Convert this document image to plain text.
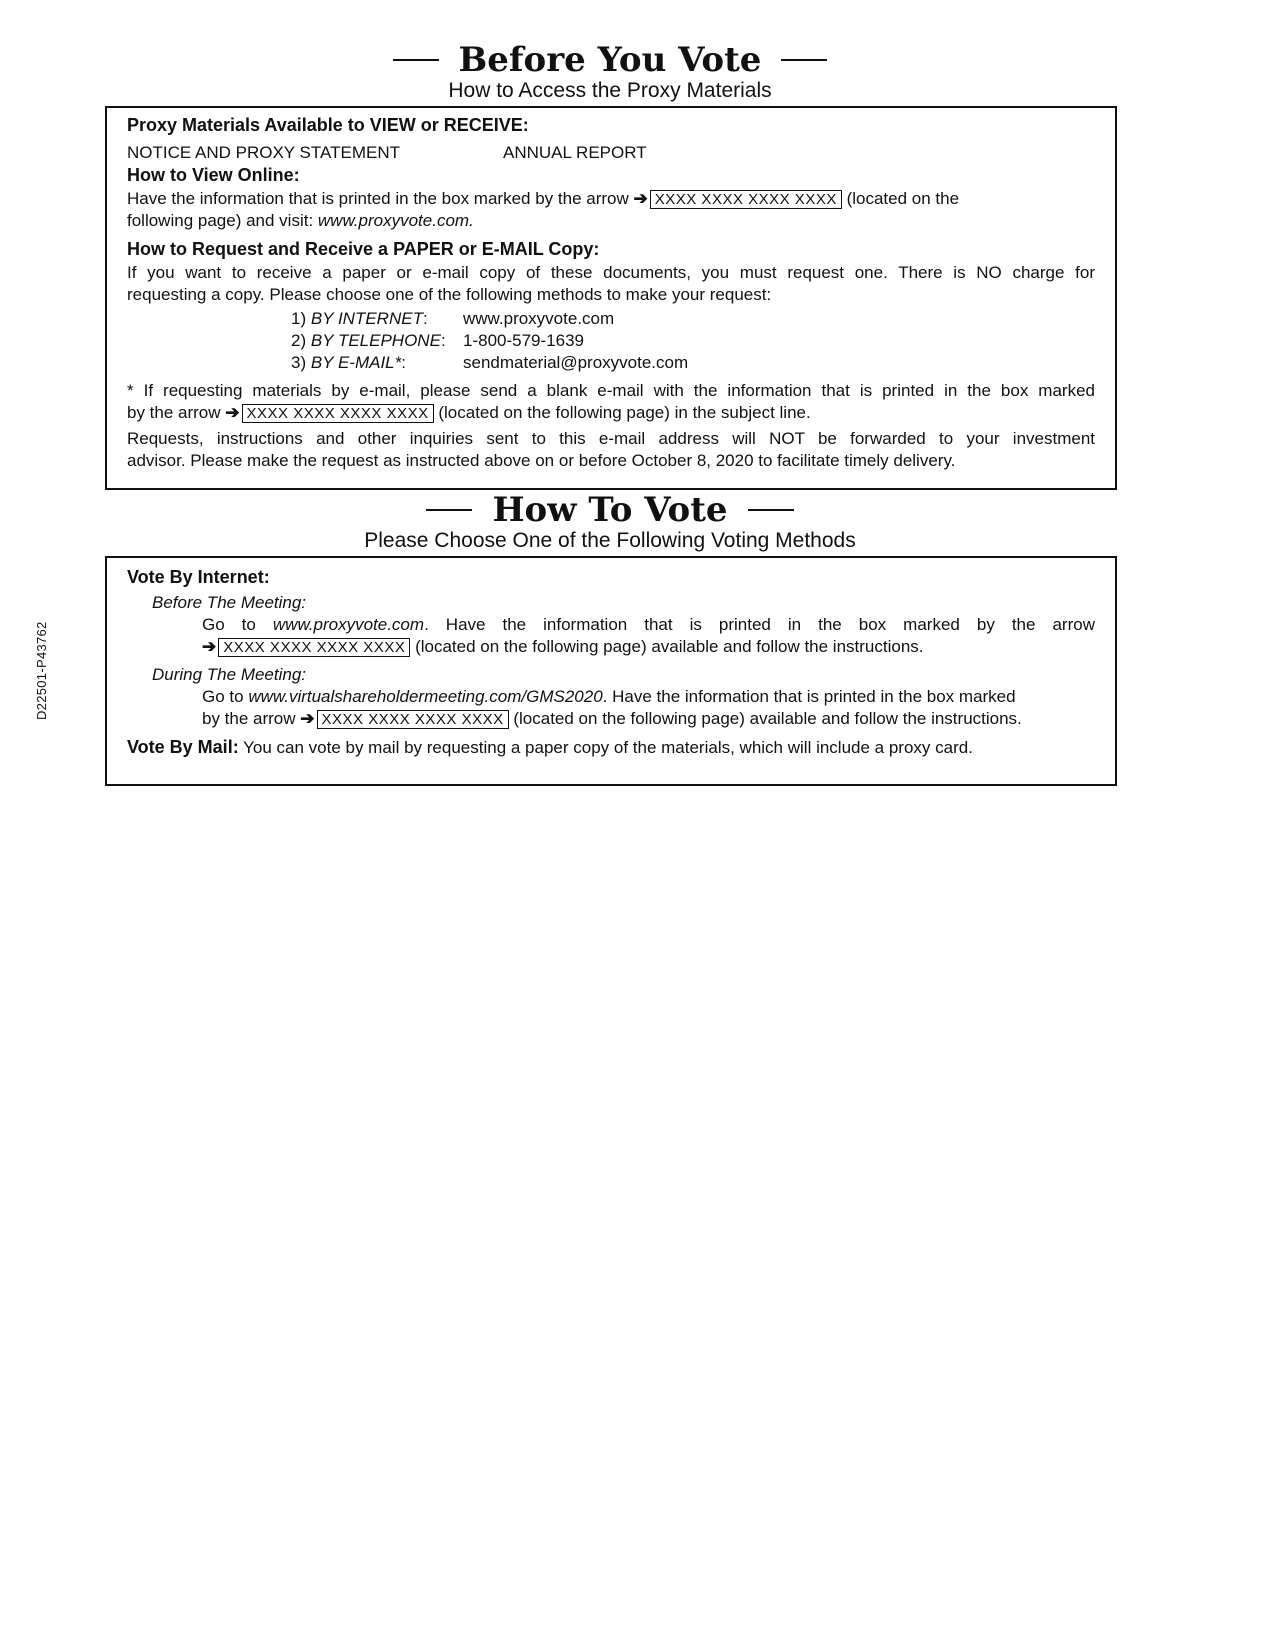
D22501-P43762
Before You Vote
How to Access the Proxy Materials
Proxy Materials Available to VIEW or RECEIVE:
NOTICE AND PROXY STATEMENT	ANNUAL REPORT
How to View Online:
Have the information that is printed in the box marked by the arrow ➔ XXXX XXXX XXXX XXXX (located on the
following page) and visit: www.proxyvote.com.
How to Request and Receive a PAPER or E-MAIL Copy:
If you want to receive a paper or e-mail copy of these documents, you must request one. There is NO charge for
requesting a copy. Please choose one of the following methods to make your request:
1) BY INTERNET: www.proxyvote.com
2) BY TELEPHONE: 1-800-579-1639
3) BY E-MAIL*:	sendmaterial@proxyvote.com
* If requesting materials by e-mail, please send a blank e-mail with the information that is printed in the box marked
by the arrow ➔ XXXX XXXX XXXX XXXX (located on the following page) in the subject line.
Requests, instructions and other inquiries sent to this e-mail address will NOT be forwarded to your investment
advisor. Please make the request as instructed above on or before October 8, 2020 to facilitate timely delivery.
How To Vote
Please Choose One of the Following Voting Methods
Vote By Internet:
Before The Meeting:
Go to www.proxyvote.com. Have the information that is printed in the box marked by the arrow
➔ XXXX XXXX XXXX XXXX (located on the following page) available and follow the instructions.
During The Meeting:
Go to www.virtualshareholdermeeting.com/GMS2020. Have the information that is printed in the box marked
by the arrow ➔ XXXX XXXX XXXX XXXX (located on the following page) available and follow the instructions.
Vote By Mail: You can vote by mail by requesting a paper copy of the materials, which will include a proxy card.
